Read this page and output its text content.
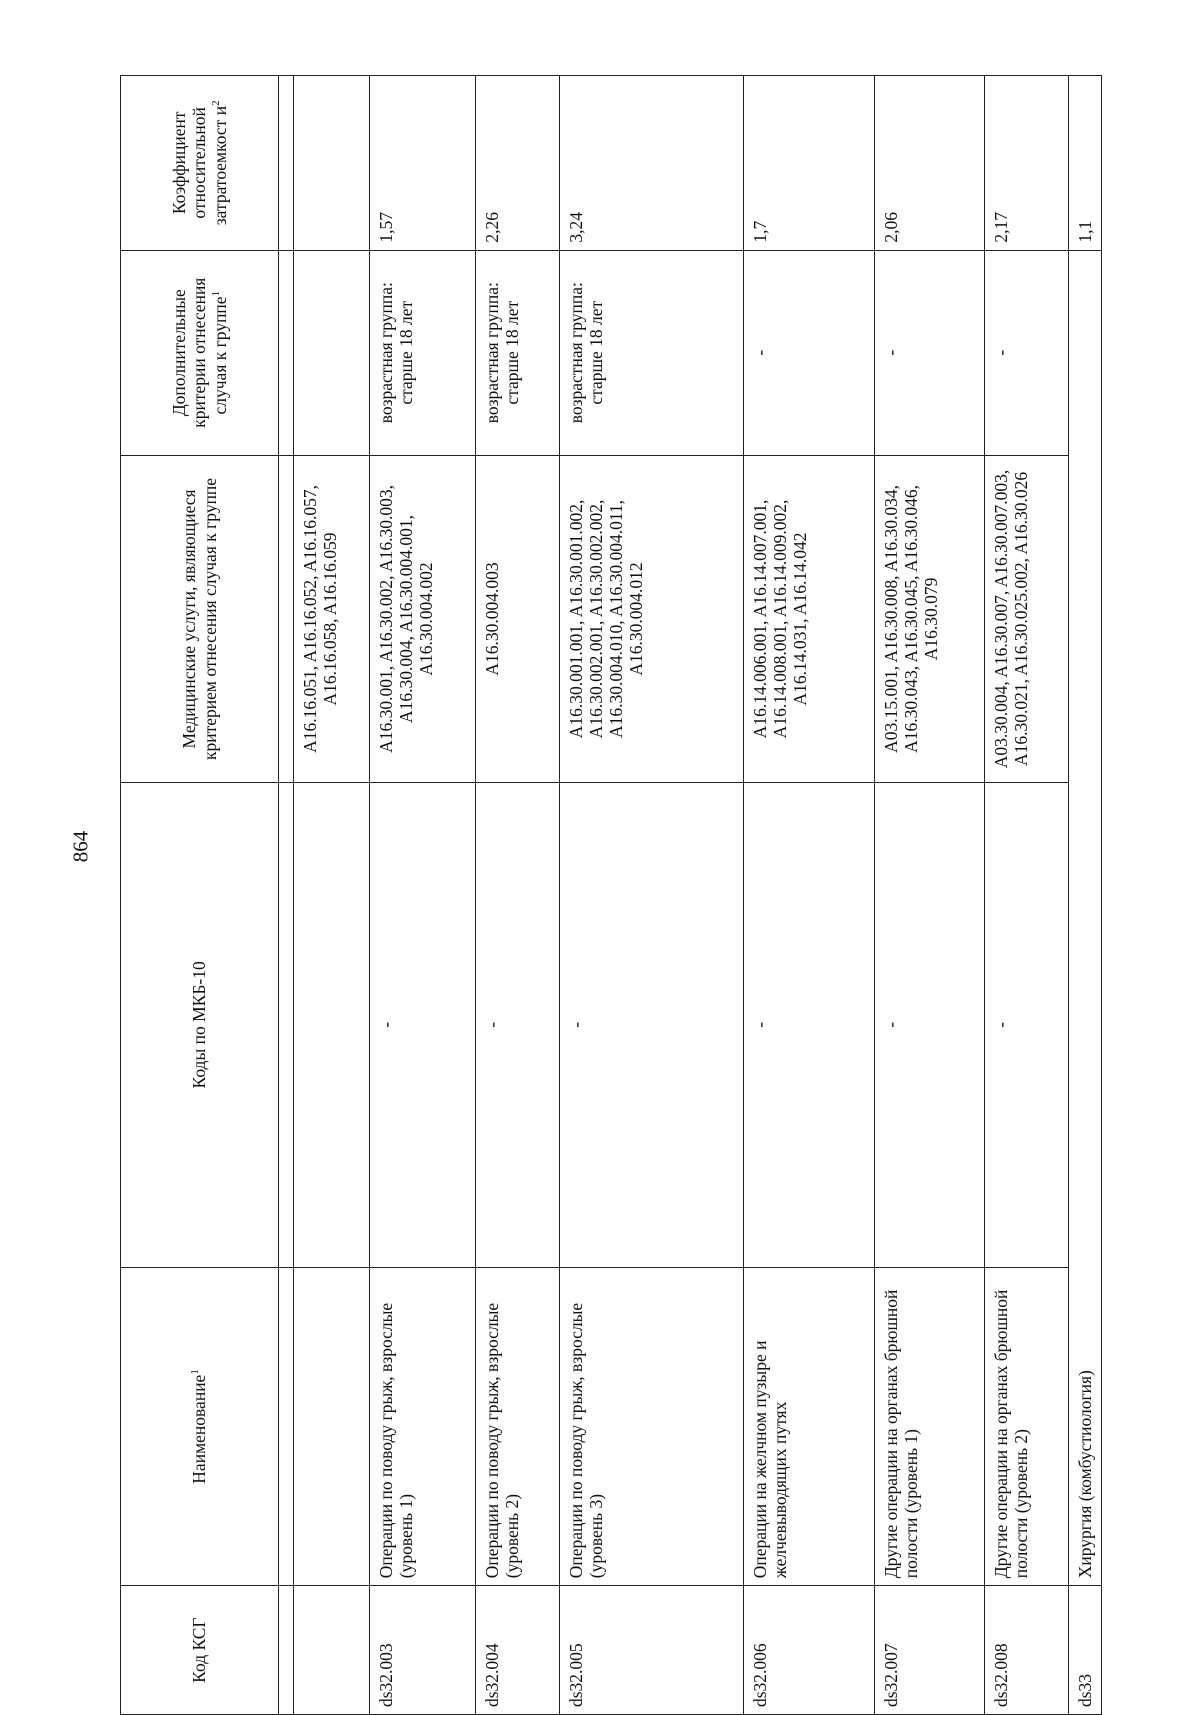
864
Код КСГ	Наименование$^1$	Коды по МКБ-10	Медицинские услуги, являющиеся критерием отнесения случая к группе	Дополнительные критерии отнесения случая к группе$^1$	Коэффициент относительной затратоемкост $и^2$

			A16.16.051, A16.16.052, A16.16.057, A16.16.058, A16.16.059		
ds32.003	Операции по поводу грыж, взрослые (уровень 1)	-	A16.30.001, A16.30.002, A16.30.003, A16.30.004, A16.30.004.001, A16.30.004.002	возрастная группа: старше 18 лет	1,57
ds32.004	Операции по поводу грыж, взрослые (уровень 2)	-	A16.30.004.003	возрастная группа: старше 18 лет	2,26
ds32.005	Операции по поводу грыж, взрослые (уровень 3)	-	A16.30.001.001, A16.30.001.002, A16.30.002.001, A16.30.002.002, A16.30.004.010, A16.30.004.011, A16.30.004.012	возрастная группа: старше 18 лет	3,24
ds32.006	Операции на желчном пузыре и желчевыводящих путях	-	A16.14.006.001, A16.14.007.001, A16.14.008.001, A16.14.009.002, A16.14.031, A16.14.042	-	1,7
ds32.007	Другие операции на органах брюшной полости (уровень 1)	-	A03.15.001, A16.30.008, A16.30.034, A16.30.043, A16.30.045, A16.30.046, A16.30.079	-	2,06
ds32.008	Другие операции на органах брюшной полости (уровень 2)	-	A03.30.004, A16.30.007, A16.30.007.003, A16.30.021, A16.30.025.002, A16.30.026	-	2,17
ds33	Хирургия (комбустиология)				1,1
